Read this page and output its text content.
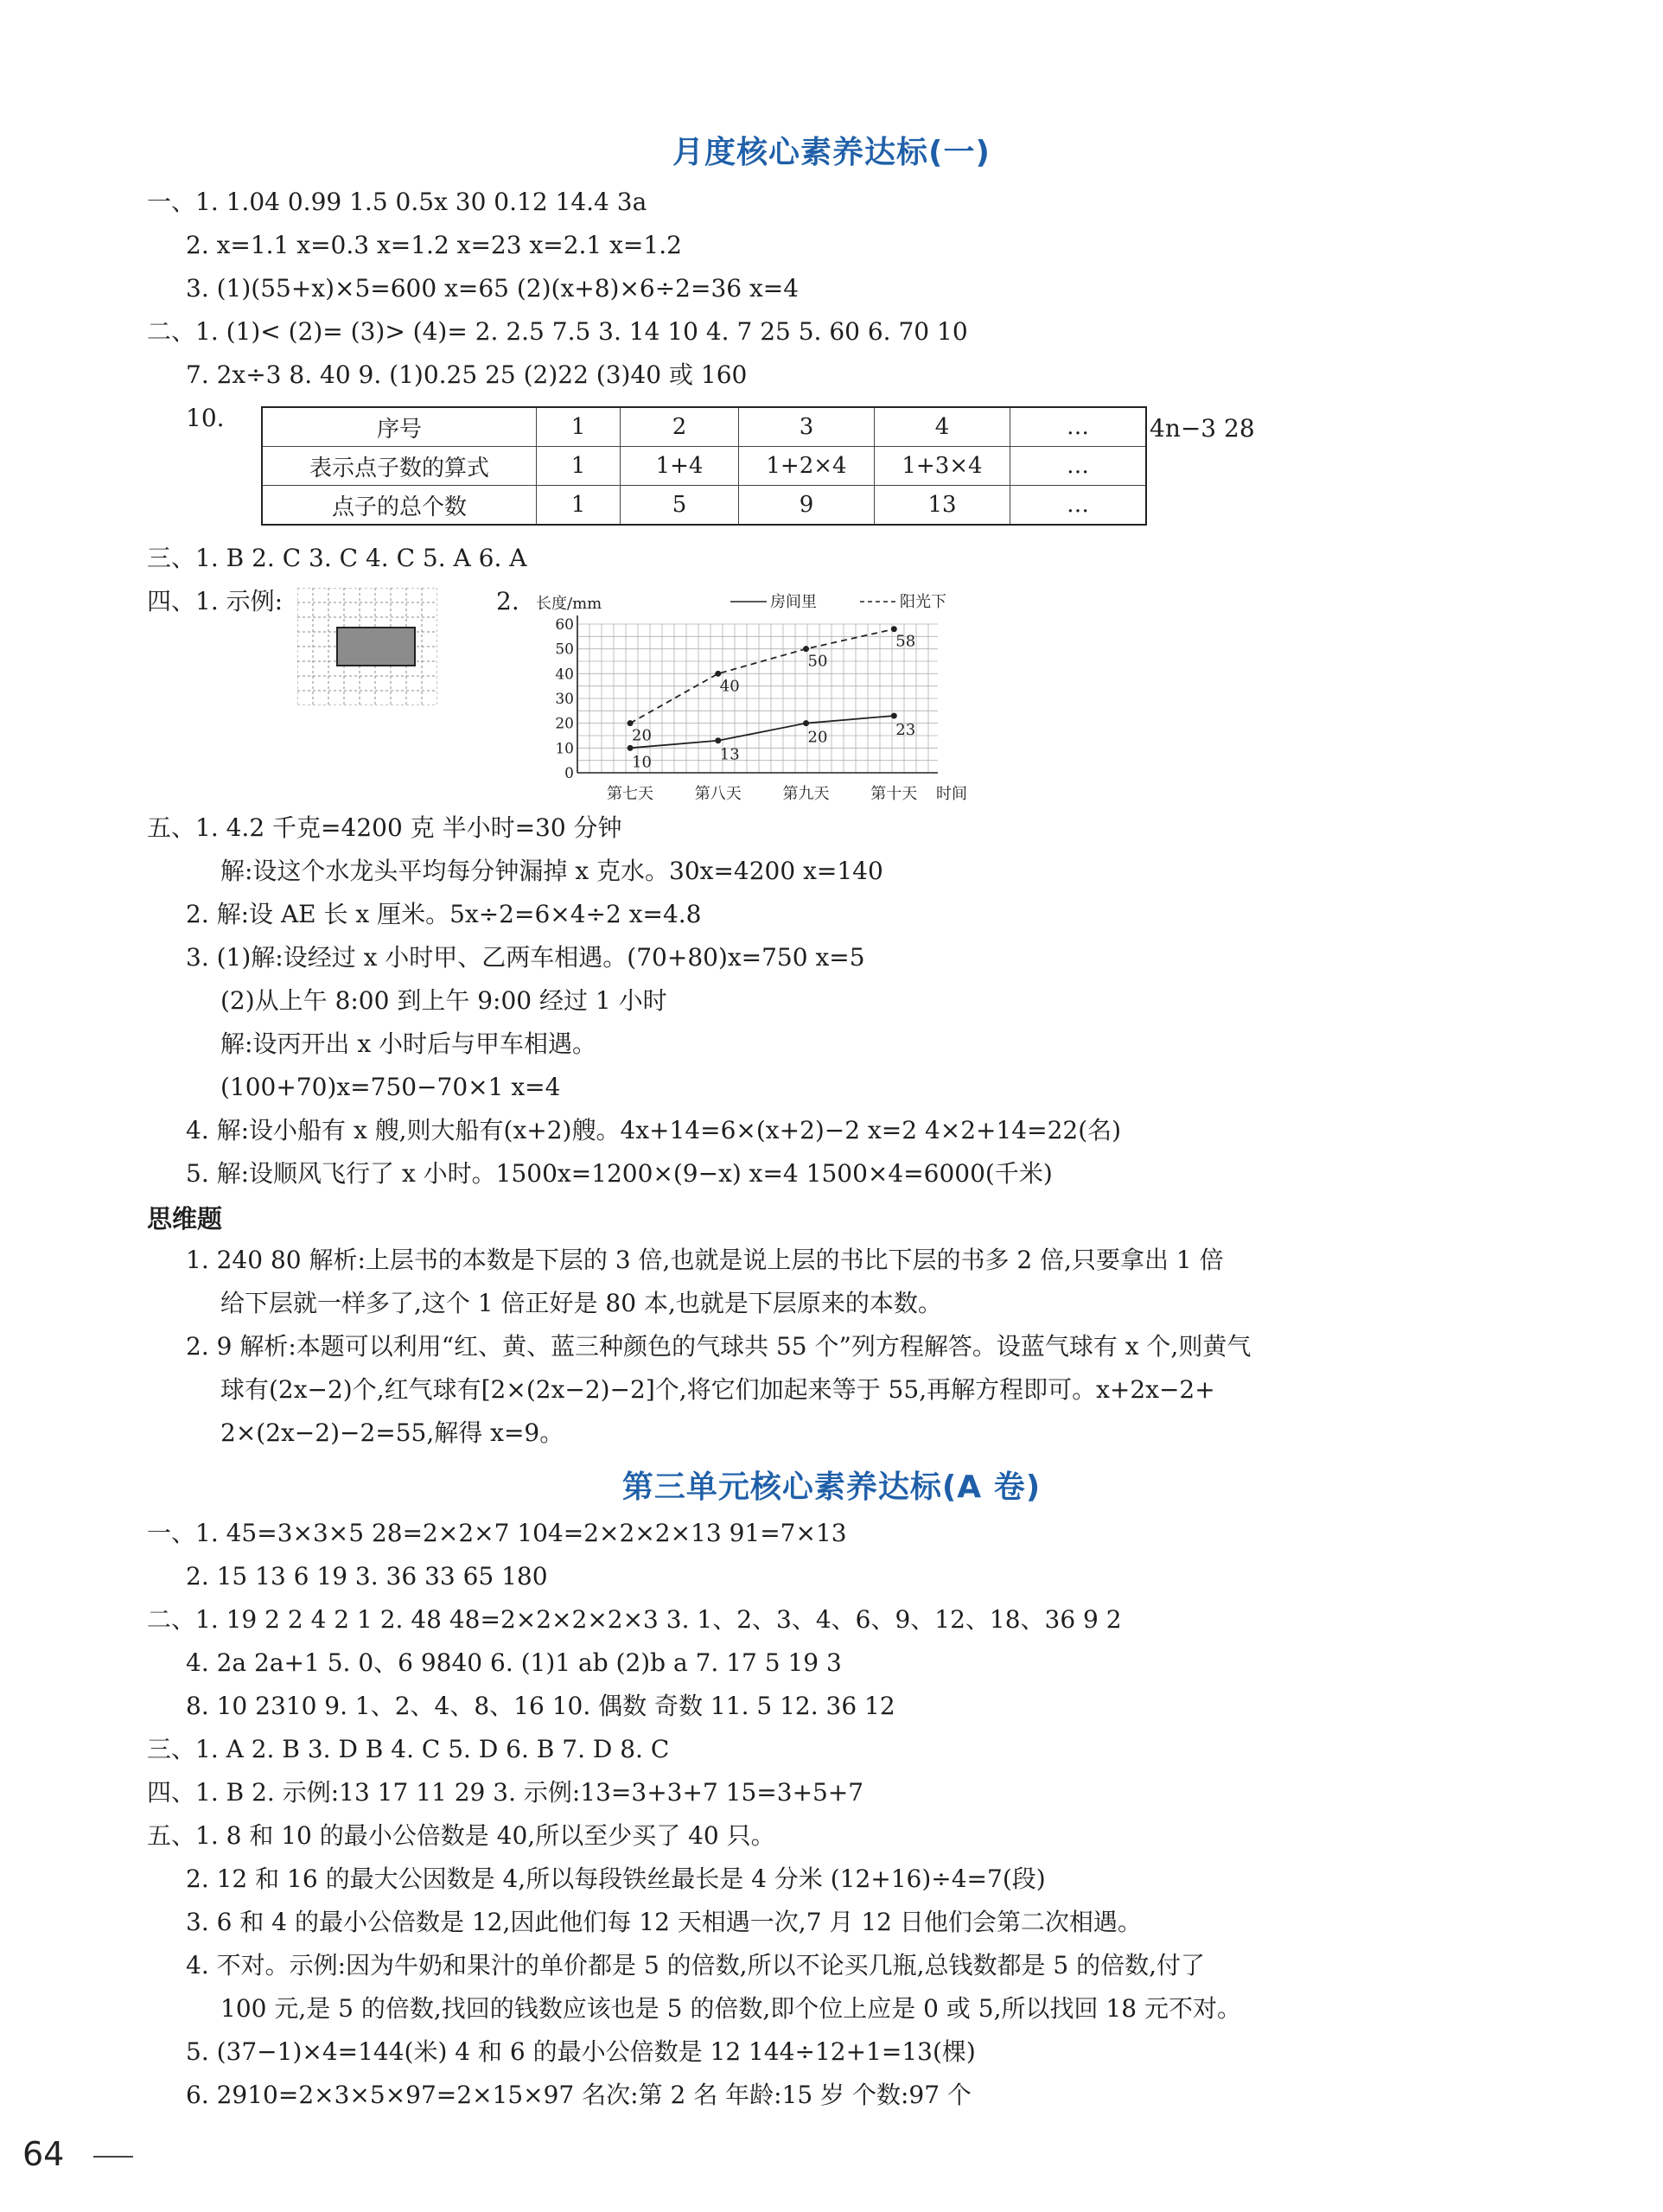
月度核心素养达标(一)
一、1. 1.04 0.99 1.5 0.5x 30 0.12 14.4 3a
2. x=1.1 x=0.3 x=1.2 x=23 x=2.1 x=1.2
3. (1)(55+x)×5=600 x=65 (2)(x+8)×6÷2=36 x=4
二、1. (1)< (2)= (3)> (4)= 2. 2.5 7.5 3. 14 10 4. 7 25 5. 60 6. 70 10
7. 2x÷3 8. 40 9. (1)0.25 25 (2)22 (3)40 或 160
10.	序号	1	2	3	4	…
表示点子数的算式	1	1+4	1+2×4	1+3×4	…
点子的总个数	1	5	9	13	…
4n−3 28
三、1. B 2. C 3. C 4. C 5. A 6. A
四、1. 示例:	2.
0
10
20
30
40
50
60
长度/mm
第七天	第八天	第九天	第十天 时间
房间里	阳光下
10	13
20	23
20
40
50
58
五、1. 4.2 千克=4200 克 半小时=30 分钟
解:设这个水龙头平均每分钟漏掉 x 克水。30x=4200 x=140
2. 解:设 AE 长 x 厘米。5x÷2=6×4÷2 x=4.8
3. (1)解:设经过 x 小时甲、乙两车相遇。(70+80)x=750 x=5
(2)从上午 8:00 到上午 9:00 经过 1 小时
解:设丙开出 x 小时后与甲车相遇。
(100+70)x=750−70×1 x=4
4. 解:设小船有 x 艘,则大船有(x+2)艘。4x+14=6×(x+2)−2 x=2 4×2+14=22(名)
5. 解:设顺风飞行了 x 小时。1500x=1200×(9−x) x=4 1500×4=6000(千米)
思维题
1. 240 80 解析:上层书的本数是下层的 3 倍,也就是说上层的书比下层的书多 2 倍,只要拿出 1 倍
给下层就一样多了,这个 1 倍正好是 80 本,也就是下层原来的本数。
2. 9 解析:本题可以利用“红、黄、蓝三种颜色的气球共 55 个”列方程解答。设蓝气球有 x 个,则黄气
球有(2x−2)个,红气球有[2×(2x−2)−2]个,将它们加起来等于 55,再解方程即可。x+2x−2+
2×(2x−2)−2=55,解得 x=9。
第三单元核心素养达标(A 卷)
一、1. 45=3×3×5 28=2×2×7 104=2×2×2×13 91=7×13
2. 15 13 6 19 3. 36 33 65 180
二、1. 19 2 2 4 2 1 2. 48 48=2×2×2×2×3 3. 1、2、3、4、6、9、12、18、36 9 2
4. 2a 2a+1 5. 0、6 9840 6. (1)1 ab (2)b a 7. 17 5 19 3
8. 10 2310 9. 1、2、4、8、16 10. 偶数 奇数 11. 5 12. 36 12
三、1. A 2. B 3. D B 4. C 5. D 6. B 7. D 8. C
四、1. B 2. 示例:13 17 11 29 3. 示例:13=3+3+7 15=3+5+7
五、1. 8 和 10 的最小公倍数是 40,所以至少买了 40 只。
2. 12 和 16 的最大公因数是 4,所以每段铁丝最长是 4 分米 (12+16)÷4=7(段)
3. 6 和 4 的最小公倍数是 12,因此他们每 12 天相遇一次,7 月 12 日他们会第二次相遇。
4. 不对。示例:因为牛奶和果汁的单价都是 5 的倍数,所以不论买几瓶,总钱数都是 5 的倍数,付了
100 元,是 5 的倍数,找回的钱数应该也是 5 的倍数,即个位上应是 0 或 5,所以找回 18 元不对。
5. (37−1)×4=144(米) 4 和 6 的最小公倍数是 12 144÷12+1=13(棵)
6. 2910=2×3×5×97=2×15×97 名次:第 2 名 年龄:15 岁 个数:97 个
64
